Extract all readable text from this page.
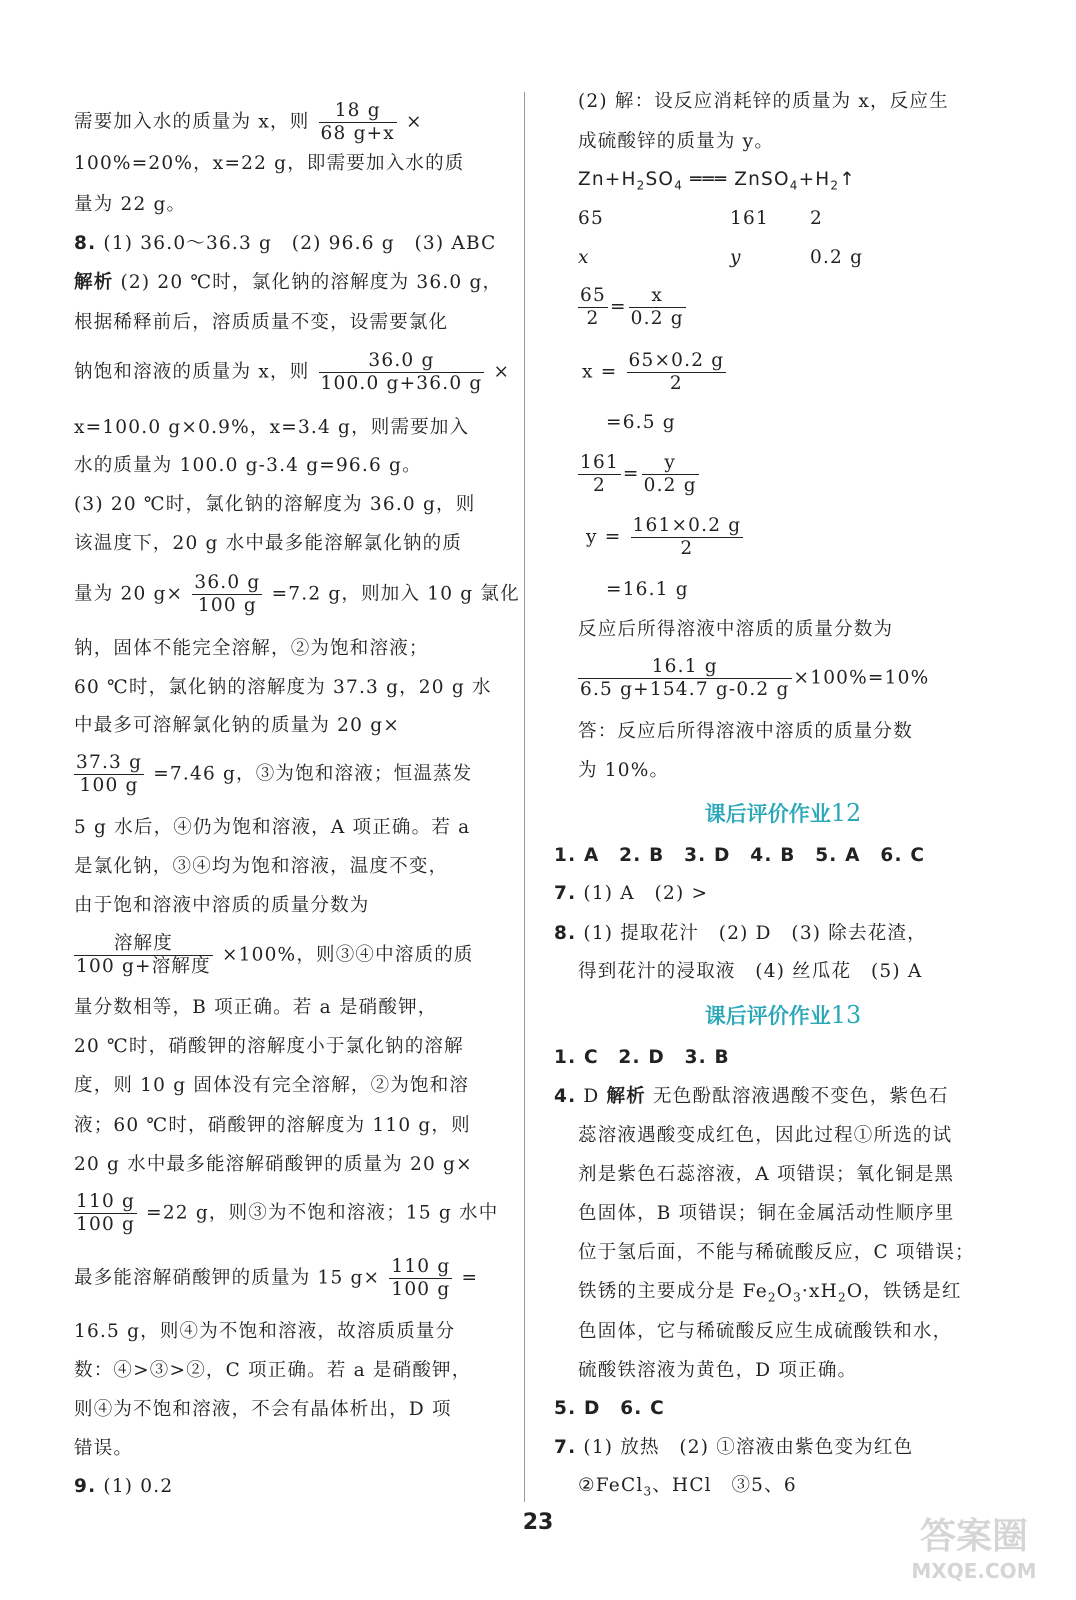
需要加入水的质量为 x，则 $\frac{18 g}{68 g+x}$ ×
100%=20%，x=22 g，即需要加入水的质
量为 22 g。
8. (1) 36.0～36.3 g　(2) 96.6 g　(3) ABC
解析 (2) 20 ℃时，氯化钠的溶解度为 36.0 g，
根据稀释前后，溶质质量不变，设需要氯化
钠饱和溶液的质量为 x，则 $\frac{36.0 g}{100.0 g+36.0 g}$ ×
x=100.0 g×0.9%，x=3.4 g，则需要加入
水的质量为 100.0 g-3.4 g=96.6 g。
(3) 20 ℃时，氯化钠的溶解度为 36.0 g，则
该温度下，20 g 水中最多能溶解氯化钠的质
量为 20 $g\times \frac{36.0 g}{100 g} =7.2$ g，则加入 10 g 氯化
钠，固体不能完全溶解，②为饱和溶液；
60 ℃时，氯化钠的溶解度为 37.3 g，20 g 水
中最多可溶解氯化钠的质量为 20 g×
$\frac{37.3 g}{100 g} =7.46$ g，③为饱和溶液；恒温蒸发
5 g 水后，④仍为饱和溶液，A 项正确。若 a
是氯化钠，③④均为饱和溶液，温度不变，
由于饱和溶液中溶质的质量分数为
$\frac{\text{溶解度}}{\text{100 g+溶解度}} \times 100\%$，则③④中溶质的质
量分数相等，B 项正确。若 a 是硝酸钾，
20 ℃时，硝酸钾的溶解度小于氯化钠的溶解
度，则 10 g 固体没有完全溶解，②为饱和溶
液；60 ℃时，硝酸钾的溶解度为 110 g，则
20 g 水中最多能溶解硝酸钾的质量为 20 g×
$\frac{110 g}{100 g} =22$ g，则③为不饱和溶液；15 g 水中
最多能溶解硝酸钾的质量为 15 $g\times \frac{110 g}{100 g}$ =
16.5 g，则④为不饱和溶液，故溶质质量分
数：④>③>②，C 项正确。若 a 是硝酸钾，
则④为不饱和溶液，不会有晶体析出，D 项
错误。
9. (1) 0.2
(2) 解：设反应消耗锌的质量为 x，反应生
成硫酸锌的质量为 y。
$Zn+H_2SO_4$ ═══ $ZnSO_4+H_2↑$
65	161 2
x	y	0.2 g
$\frac{65}{2} = \frac{x}{0.2 g}$
$x = \frac{65\times 0.2 g}{2}$
=6.5 g
$\frac{161}{2} = \frac{y}{0.2 g}$
$y = \frac{161\times 0.2 g}{2}$
=16.1 g
反应后所得溶液中溶质的质量分数为
$\frac{16.1 g}{6.5 g+154.7 g-0.2 g} \times 100\%=10\%$
答：反应后所得溶液中溶质的质量分数
为 10%。
课后评价作业12
1. A　2. B　3. D　4. B　5. A　6. C
7. (1) A　(2) >
8. (1) 提取花汁　(2) D　(3) 除去花渣，
得到花汁的浸取液　(4) 丝瓜花　(5) A
课后评价作业13
1. C　2. D　3. B
4. D 解析 无色酚酞溶液遇酸不变色，紫色石
蕊溶液遇酸变成红色，因此过程①所选的试
剂是紫色石蕊溶液，A 项错误；氧化铜是黑
色固体，B 项错误；铜在金属活动性顺序里
位于氢后面，不能与稀硫酸反应，C 项错误；
铁锈的主要成分是 $Fe_2O_3\cdot xH_2O$，铁锈是红
色固体，它与稀硫酸反应生成硫酸铁和水，
硫酸铁溶液为黄色，D 项正确。
5. D　6. C
7. (1) 放热　(2) ①溶液由紫色变为红色
②FeCl$_3$、HCl　③5、6
23	答案圈
MXQE.COM
